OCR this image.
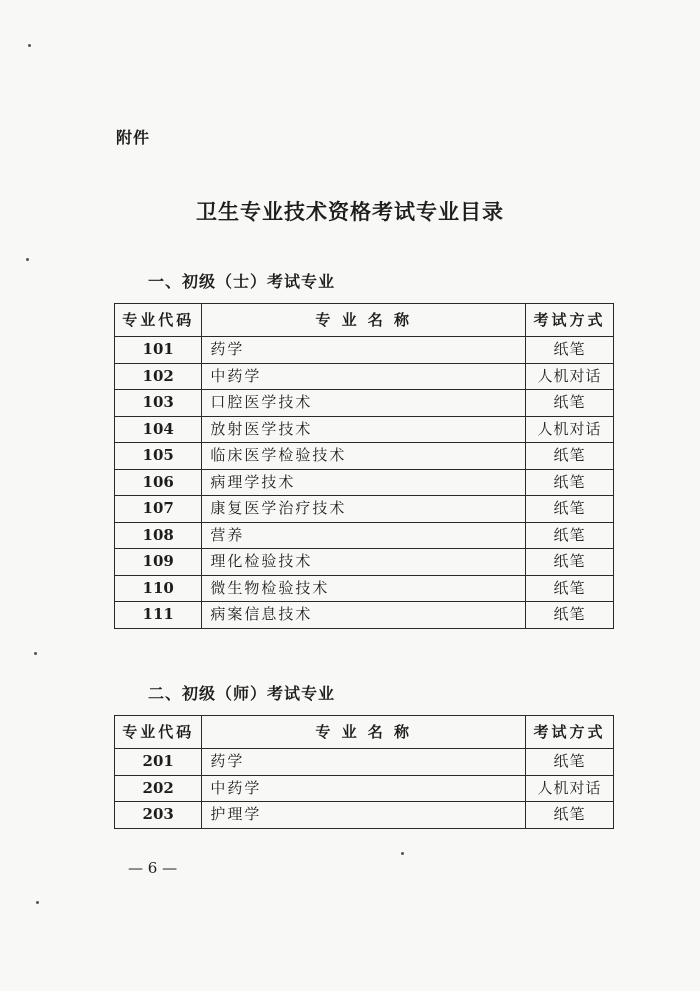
附件
卫生专业技术资格考试专业目录
一、初级（士）考试专业
专业代码	专 业 名 称	考试方式
101	药学	纸笔
102	中药学	人机对话
103	口腔医学技术	纸笔
104	放射医学技术	人机对话
105	临床医学检验技术	纸笔
106	病理学技术	纸笔
107	康复医学治疗技术	纸笔
108	营养	纸笔
109	理化检验技术	纸笔
110	微生物检验技术	纸笔
111	病案信息技术	纸笔
二、初级（师）考试专业
专业代码	专 业 名 称	考试方式
201	药学	纸笔
202	中药学	人机对话
203	护理学	纸笔
— 6 —
